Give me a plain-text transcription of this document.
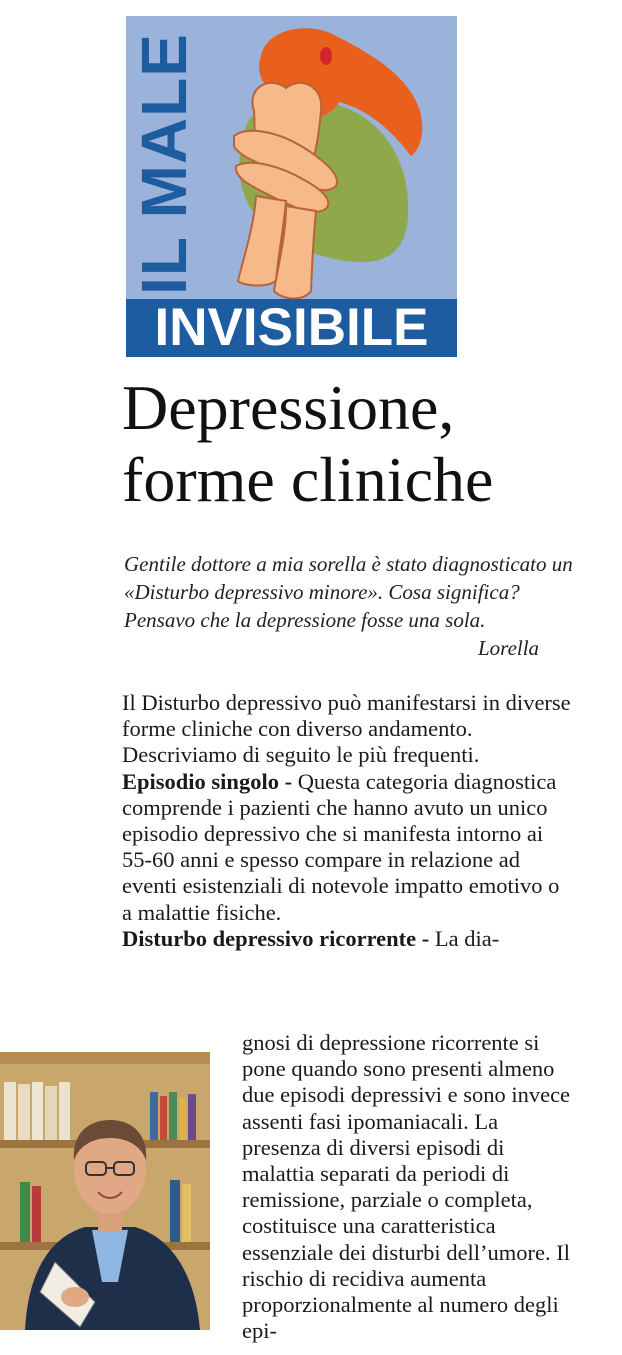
IL MALE
INVISIBILE
Depressione,
forme cliniche

Gentile dottore a mia sorella è stato diagnosticato un «Disturbo depressivo minore». Cosa significa? Pensavo che la depressione fosse una sola.

Lorella

Il Disturbo depressivo può manifestarsi in diverse forme cliniche con diverso andamento. Descriviamo di seguito le più frequenti.

Episodio singolo - Questa categoria diagnostica comprende i pazienti che hanno avuto un unico episodio depressivo che si manifesta intorno ai 55-60 anni e spesso compare in relazione ad eventi esistenziali di notevole impatto emotivo o a malattie fisiche.

Disturbo depressivo ricorrente - La dia-

gnosi di depressione ricorrente si pone quando sono presenti almeno due episodi depressivi e sono invece assenti fasi ipomaniacali. La presenza di diversi episodi di malattia separati da periodi di remissione, parziale o completa, costituisce una caratteristica essenziale dei disturbi dell’umore. Il rischio di recidiva aumenta proporzionalmente al numero degli epi-
